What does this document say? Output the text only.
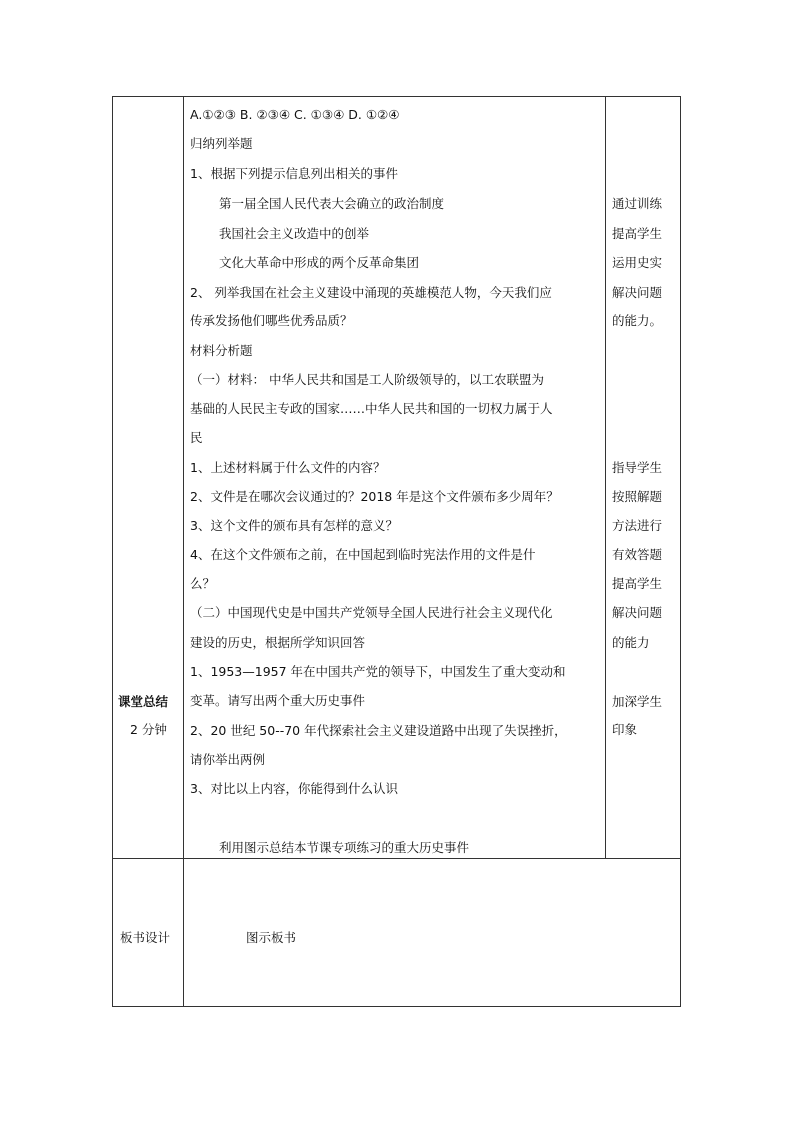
课堂总结
2 分钟
A.①②③ B. ②③④ C. ①③④ D. ①②④
归纳列举题
1、根据下列提示信息列出相关的事件
第一届全国人民代表大会确立的政治制度
我国社会主义改造中的创举
文化大革命中形成的两个反革命集团
2、 列举我国在社会主义建设中涌现的英雄模范人物，今天我们应
传承发扬他们哪些优秀品质？
材料分析题
（一）材料： 中华人民共和国是工人阶级领导的，以工农联盟为
基础的人民民主专政的国家……中华人民共和国的一切权力属于人
民
1、上述材料属于什么文件的内容？
2、文件是在哪次会议通过的？2018 年是这个文件颁布多少周年？
3、这个文件的颁布具有怎样的意义？
4、在这个文件颁布之前，在中国起到临时宪法作用的文件是什
么？
（二）中国现代史是中国共产党领导全国人民进行社会主义现代化
建设的历史，根据所学知识回答
1、1953—1957 年在中国共产党的领导下，中国发生了重大变动和
变革。请写出两个重大历史事件
2、20 世纪 50--70 年代探索社会主义建设道路中出现了失误挫折，
请你举出两例
3、对比以上内容，你能得到什么认识
利用图示总结本节课专项练习的重大历史事件
通过训练
提高学生
运用史实
解决问题
的能力。
指导学生
按照解题
方法进行
有效答题
提高学生
解决问题
的能力
加深学生
印象
板书设计	图示板书
